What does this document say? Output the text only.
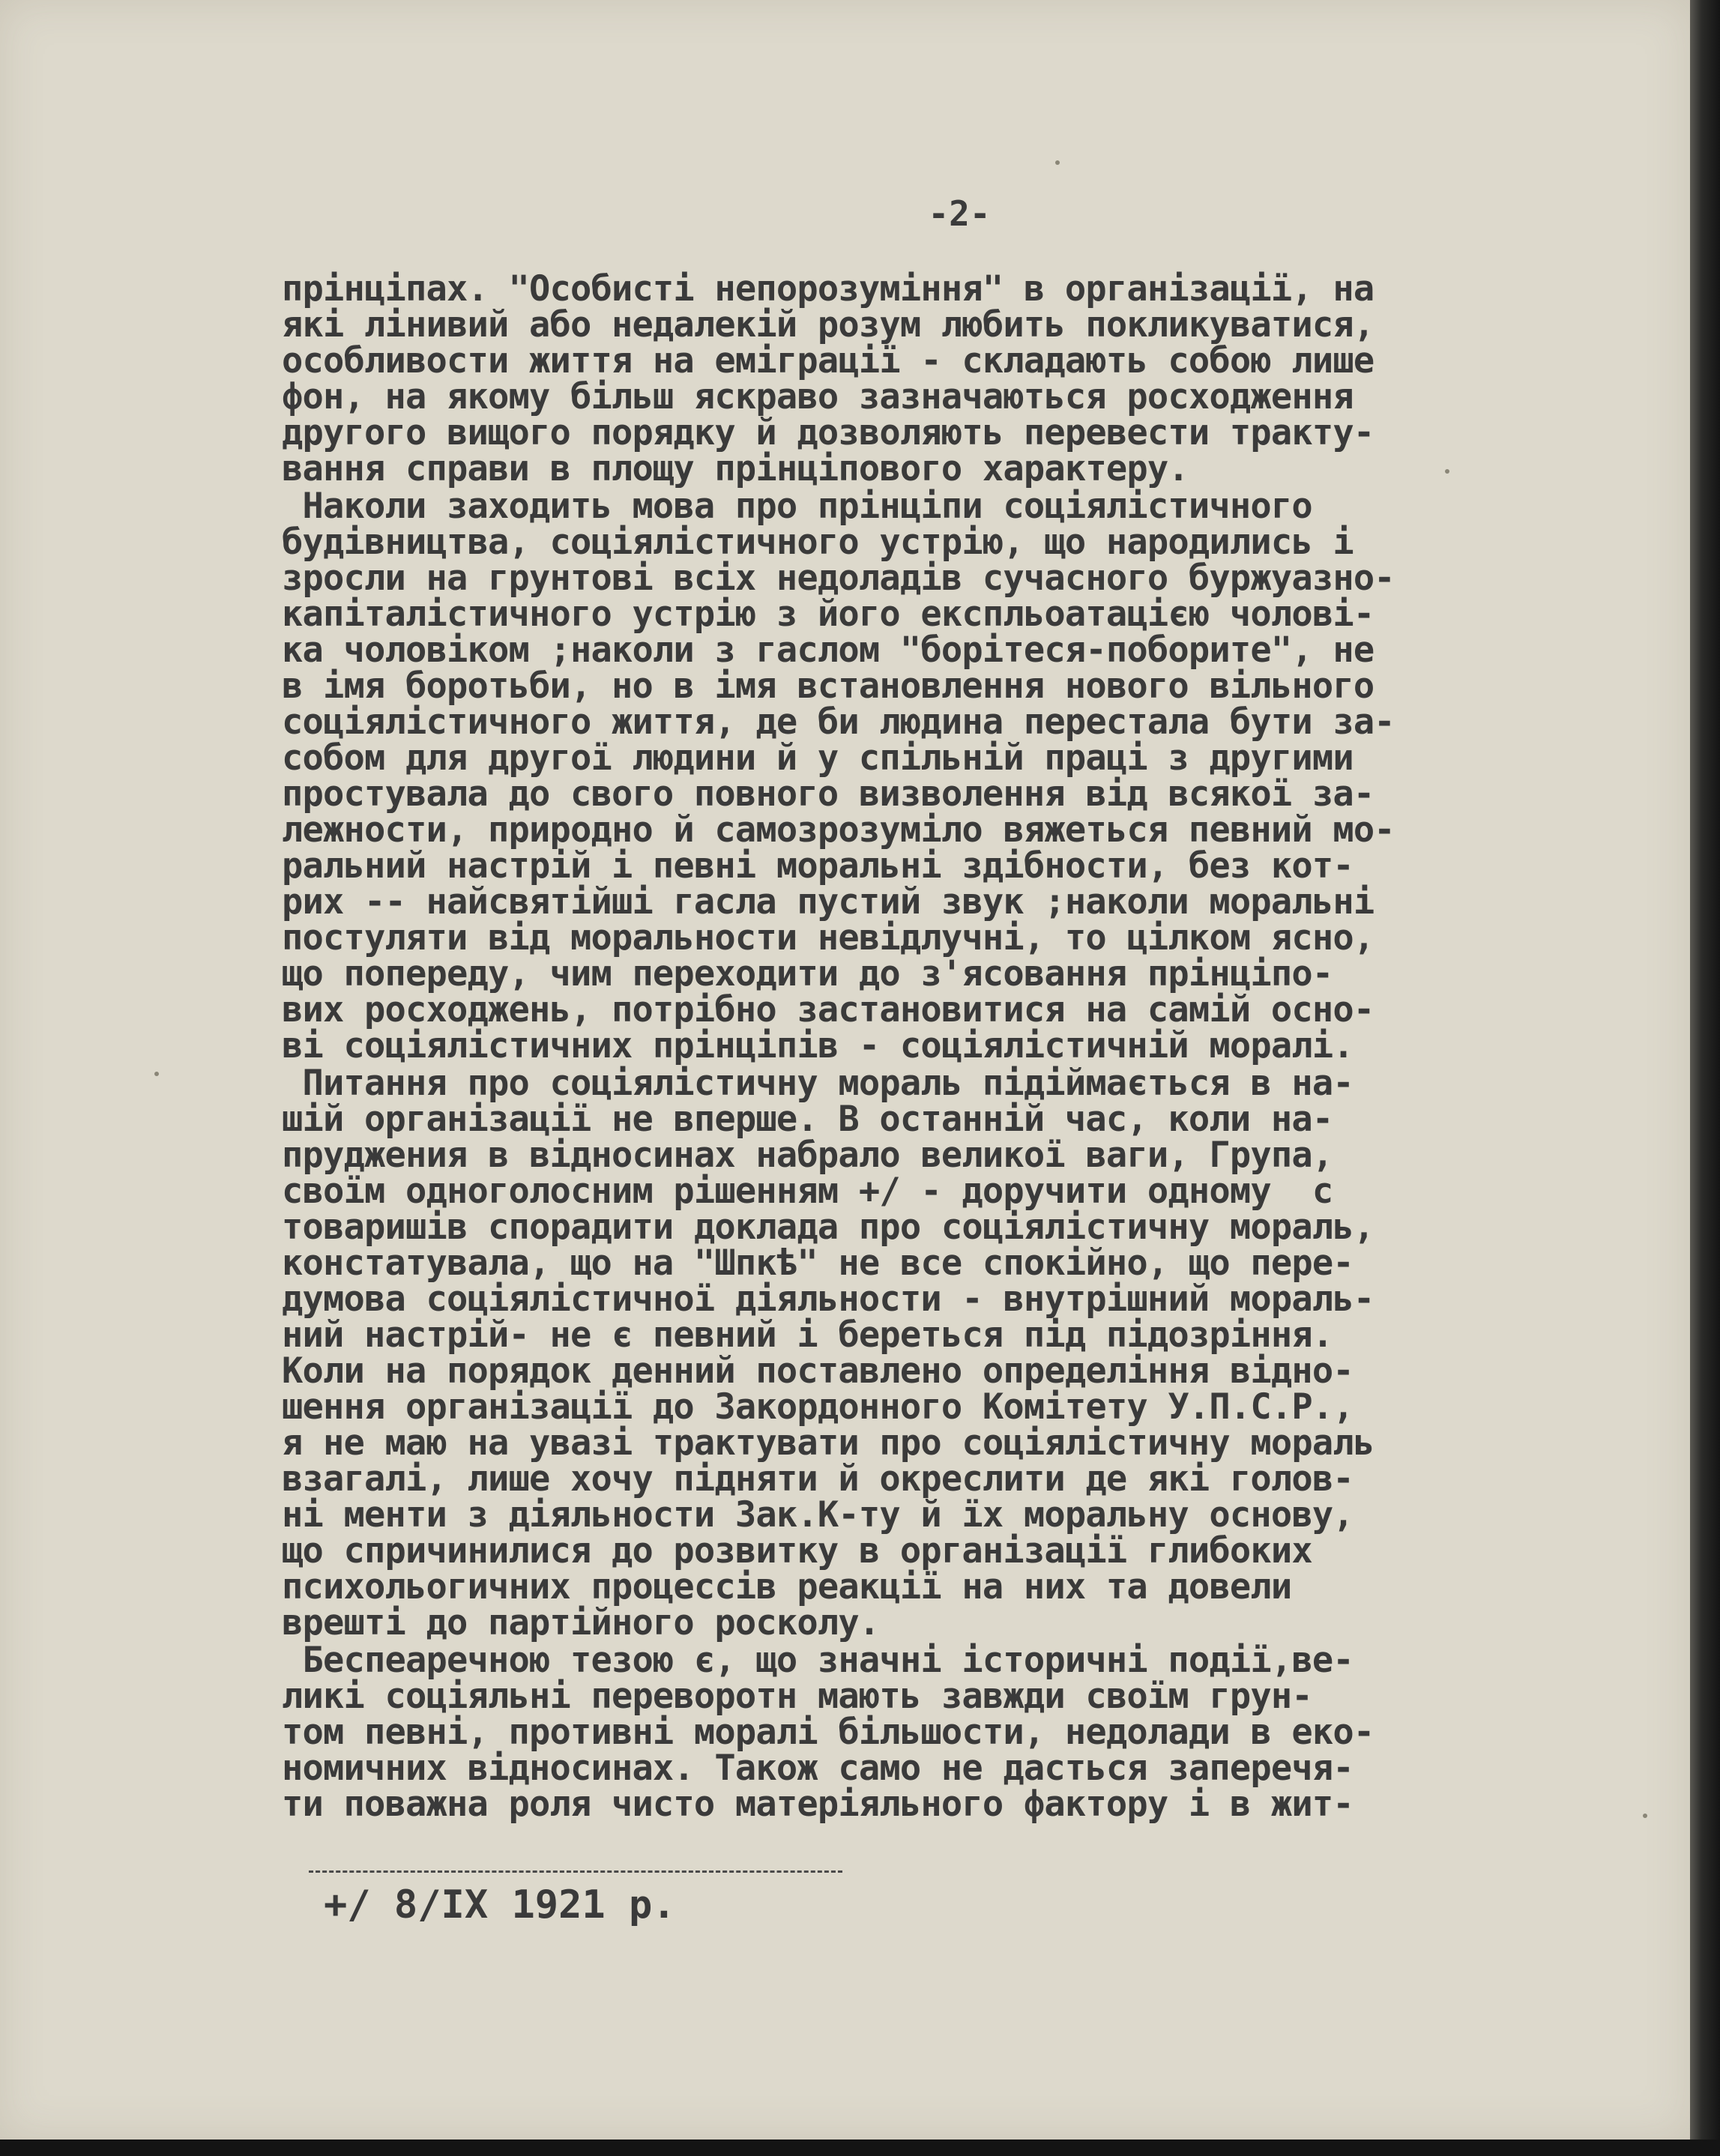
-2-

прінціпах. "Особисті непорозуміння" в організації, на
які лінивий або недалекій розум любить покликуватися,
особливости життя на еміграції - складають собою лише
фон, на якому більш яскраво зазначаються росходження
другого вищого порядку й дозволяють перевести тракту-
вання справи в площу прінціпового характеру.
Наколи заходить мова про прінціпи соціялістичного
будівництва, соціялістичного устрію, що народились і
зросли на грунтові всіх недоладів сучасного буржуазно-
капіталістичного устрію з його експльоатацією чолові-
ка чоловіком ;наколи з гаслом "борітеся-поборите", не
в імя боротьби, но в імя встановлення нового вільного
соціялістичного життя, де би людина перестала бути за-
собом для другої людини й у спільній праці з другими
простувала до свого повного визволення від всякої за-
лежности, природно й самозрозуміло вяжеться певний мо-
ральний настрій і певні моральні здібности, без кот-
рих -- найсвятійші гасла пустий звук ;наколи моральні
постуляти від моральности невідлучні, то цілком ясно,
що попереду, чим переходити до з'ясовання прінціпо-
вих росходжень, потрібно застановитися на самій осно-
ві соціялістичних прінціпів - соціялістичній моралі.
Питання про соціялістичну мораль підіймається в на-
шій організації не вперше. В останній час, коли на-
пруджения в відносинах набрало великої ваги, Група,
своїм одноголосним рішенням +/ - доручити одному  с
товаришів спорадити доклада про соціялістичну мораль,
констатувала, що на "Шпкѣ" не все спокійно, що пере-
думова соціялістичної діяльности - внутрішний мораль-
ний настрій- не є певний і береться під підозріння.
Коли на порядок денний поставлено определіння відно-
шення організації до Закордонного Комітету У.П.С.Р.,
я не маю на увазі трактувати про соціялістичну мораль
взагалі, лише хочу підняти й окреслити де які голов-
ні менти з діяльности Зак.К-ту й їх моральну основу,
що спричинилися до розвитку в організації глибоких
психольогичних процессів реакції на них та довели
врешті до партійного росколу.
Беспеаречною тезою є, що значні історичні події,ве-
ликі соціяльні переворотн мають завжди своїм грун-
том певні, противні моралі більшости, недолади в еко-
номичних відносинах. Також само не дасться заперечя-
ти поважна роля чисто матеріяльного фактору і в жит-

+/ 8/IX 1921 р.
